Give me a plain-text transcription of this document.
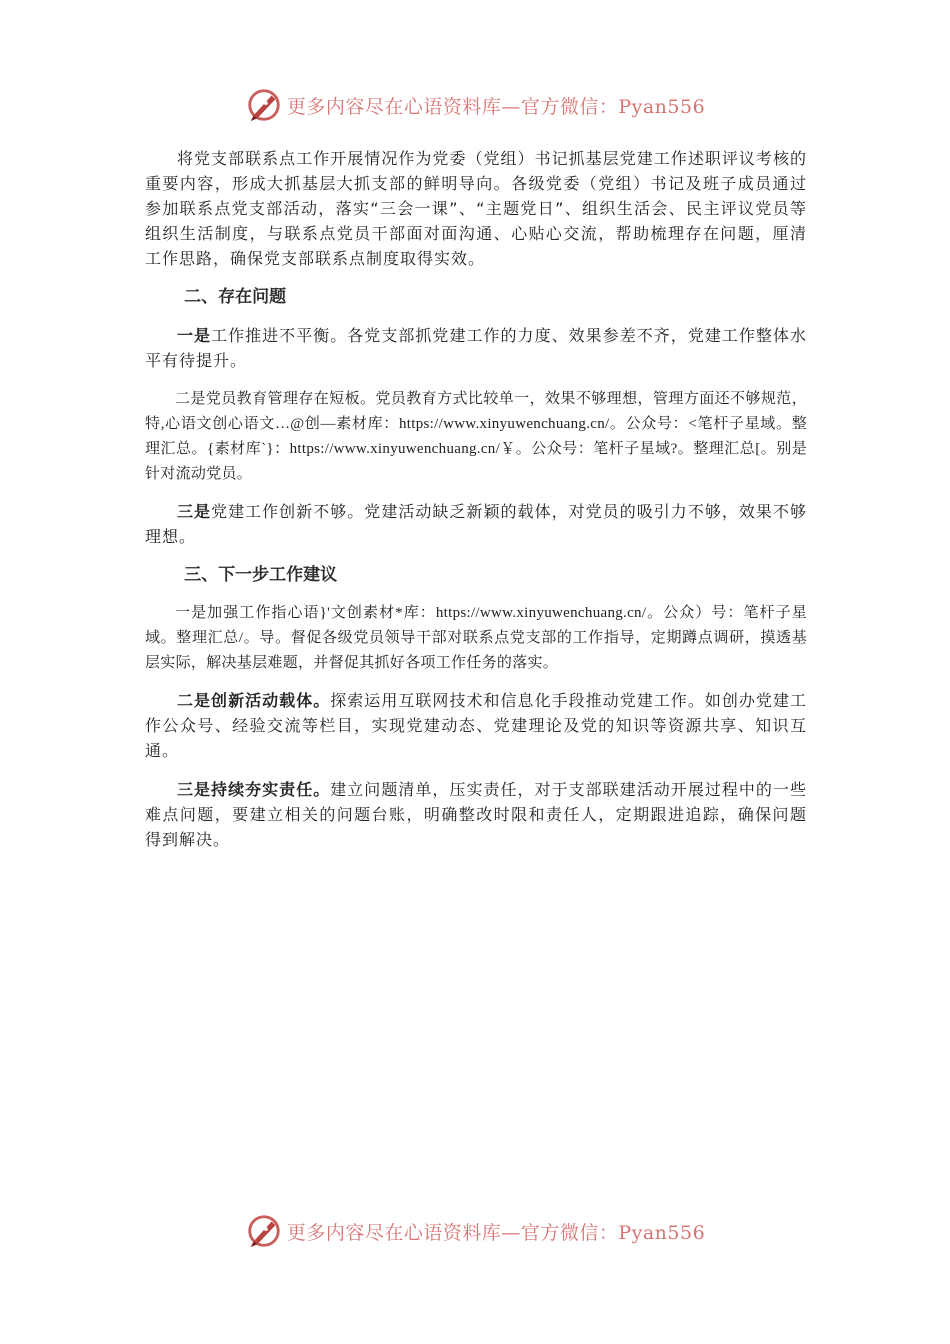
更多内容尽在心语资料库—官方微信：Pyan556

将党支部联系点工作开展情况作为党委（党组）书记抓基层党建工作述职评议考核的重要内容，形成大抓基层大抓支部的鲜明导向。各级党委（党组）书记及班子成员通过参加联系点党支部活动，落实“三会一课”、“主题党日”、组织生活会、民主评议党员等组织生活制度，与联系点党员干部面对面沟通、心贴心交流，帮助梳理存在问题，厘清工作思路，确保党支部联系点制度取得实效。

二、存在问题

一是工作推进不平衡。各党支部抓党建工作的力度、效果参差不齐，党建工作整体水平有待提升。

二是党员教育管理存在短板。党员教育方式比较单一，效果不够理想，管理方面还不够规范，特,心语文创心语文…@创—素材库：https://www.xinyuwenchuang.cn/。公众号：<笔杆子星域。整理汇总。{素材库`}：https://www.xinyuwenchuang.cn/￥。公众号：笔杆子星域?。整理汇总[。别是针对流动党员。

三是党建工作创新不够。党建活动缺乏新颖的载体，对党员的吸引力不够，效果不够理想。

三、下一步工作建议

一是加强工作指心语}'文创素材*库：https://www.xinyuwenchuang.cn/。公众）号：笔杆子星域。整理汇总/。导。督促各级党员领导干部对联系点党支部的工作指导，定期蹲点调研，摸透基层实际，解决基层难题，并督促其抓好各项工作任务的落实。

二是创新活动载体。探索运用互联网技术和信息化手段推动党建工作。如创办党建工作公众号、经验交流等栏目，实现党建动态、党建理论及党的知识等资源共享、知识互通。

三是持续夯实责任。建立问题清单，压实责任，对于支部联建活动开展过程中的一些难点问题，要建立相关的问题台账，明确整改时限和责任人，定期跟进追踪，确保问题得到解决。

更多内容尽在心语资料库—官方微信：Pyan556
